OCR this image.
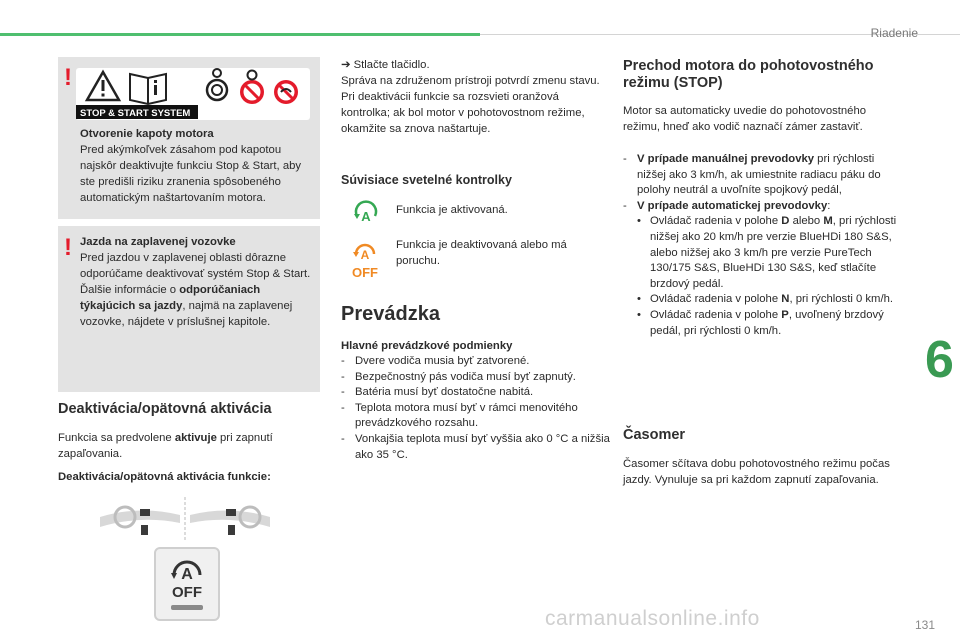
Riadenie
6
131
carmanualsonline.info
!
STOP & START SYSTEM

Otvorenie kapoty motora

Pred akýmkoľvek zásahom pod kapotou najskôr deaktivujte funkciu Stop & Start, aby ste predišli riziku zranenia spôsobeného automatickým naštartovaním motora.

! Jazda na zaplavenej vozovke

Pred jazdou v zaplavenej oblasti dôrazne odporúčame deaktivovať systém Stop & Start.

Ďalšie informácie o odporúčaniach týkajúcich sa jazdy, najmä na zaplavenej vozovke, nájdete v príslušnej kapitole.

Deaktivácia/opätovná aktivácia
Funkcia sa predvolene aktivuje pri zapnutí zapaľovania.
Deaktivácia/opätovná aktivácia funkcie:
A
OFF

➔ Stlačte tlačidlo.

Správa na združenom prístroji potvrdí zmenu stavu.

Pri deaktivácii funkcie sa rozsvieti oranžová kontrolka; ak bol motor v pohotovostnom režime, okamžite sa znova naštartuje.

Súvisiace svetelné kontrolky
A Funkcia je aktivovaná.
A
OFF
Funkcia je deaktivovaná alebo má poruchu.
Prevádzka
Hlavné prevádzkové podmienky
- Dvere vodiča musia byť zatvorené.
- Bezpečnostný pás vodiča musí byť zapnutý.
- Batéria musí byť dostatočne nabitá.
- Teplota motora musí byť v rámci menovitého prevádzkového rozsahu.
- Vonkajšia teplota musí byť vyššia ako 0 °C a nižšia ako 35 °C.
Prechod motora do pohotovostného režimu (STOP)
Motor sa automaticky uvedie do pohotovostného režimu, hneď ako vodič naznačí zámer zastaviť.
- V prípade manuálnej prevodovky pri rýchlosti nižšej ako 3 km/h, ak umiestnite radiacu páku do polohy neutrál a uvoľníte spojkový pedál,
- V prípade automatickej prevodovky:
• Ovládač radenia v polohe D alebo M, pri rýchlosti nižšej ako 20 km/h pre verzie BlueHDi 180 S&S, alebo nižšej ako 3 km/h pre verzie PureTech 130/175 S&S, BlueHDi 130 S&S, keď stlačíte brzdový pedál.
• Ovládač radenia v polohe N, pri rýchlosti 0 km/h.
• Ovládač radenia v polohe P, uvoľnený brzdový pedál, pri rýchlosti 0 km/h.
Časomer
Časomer sčítava dobu pohotovostného režimu počas jazdy. Vynuluje sa pri každom zapnutí zapaľovania.
